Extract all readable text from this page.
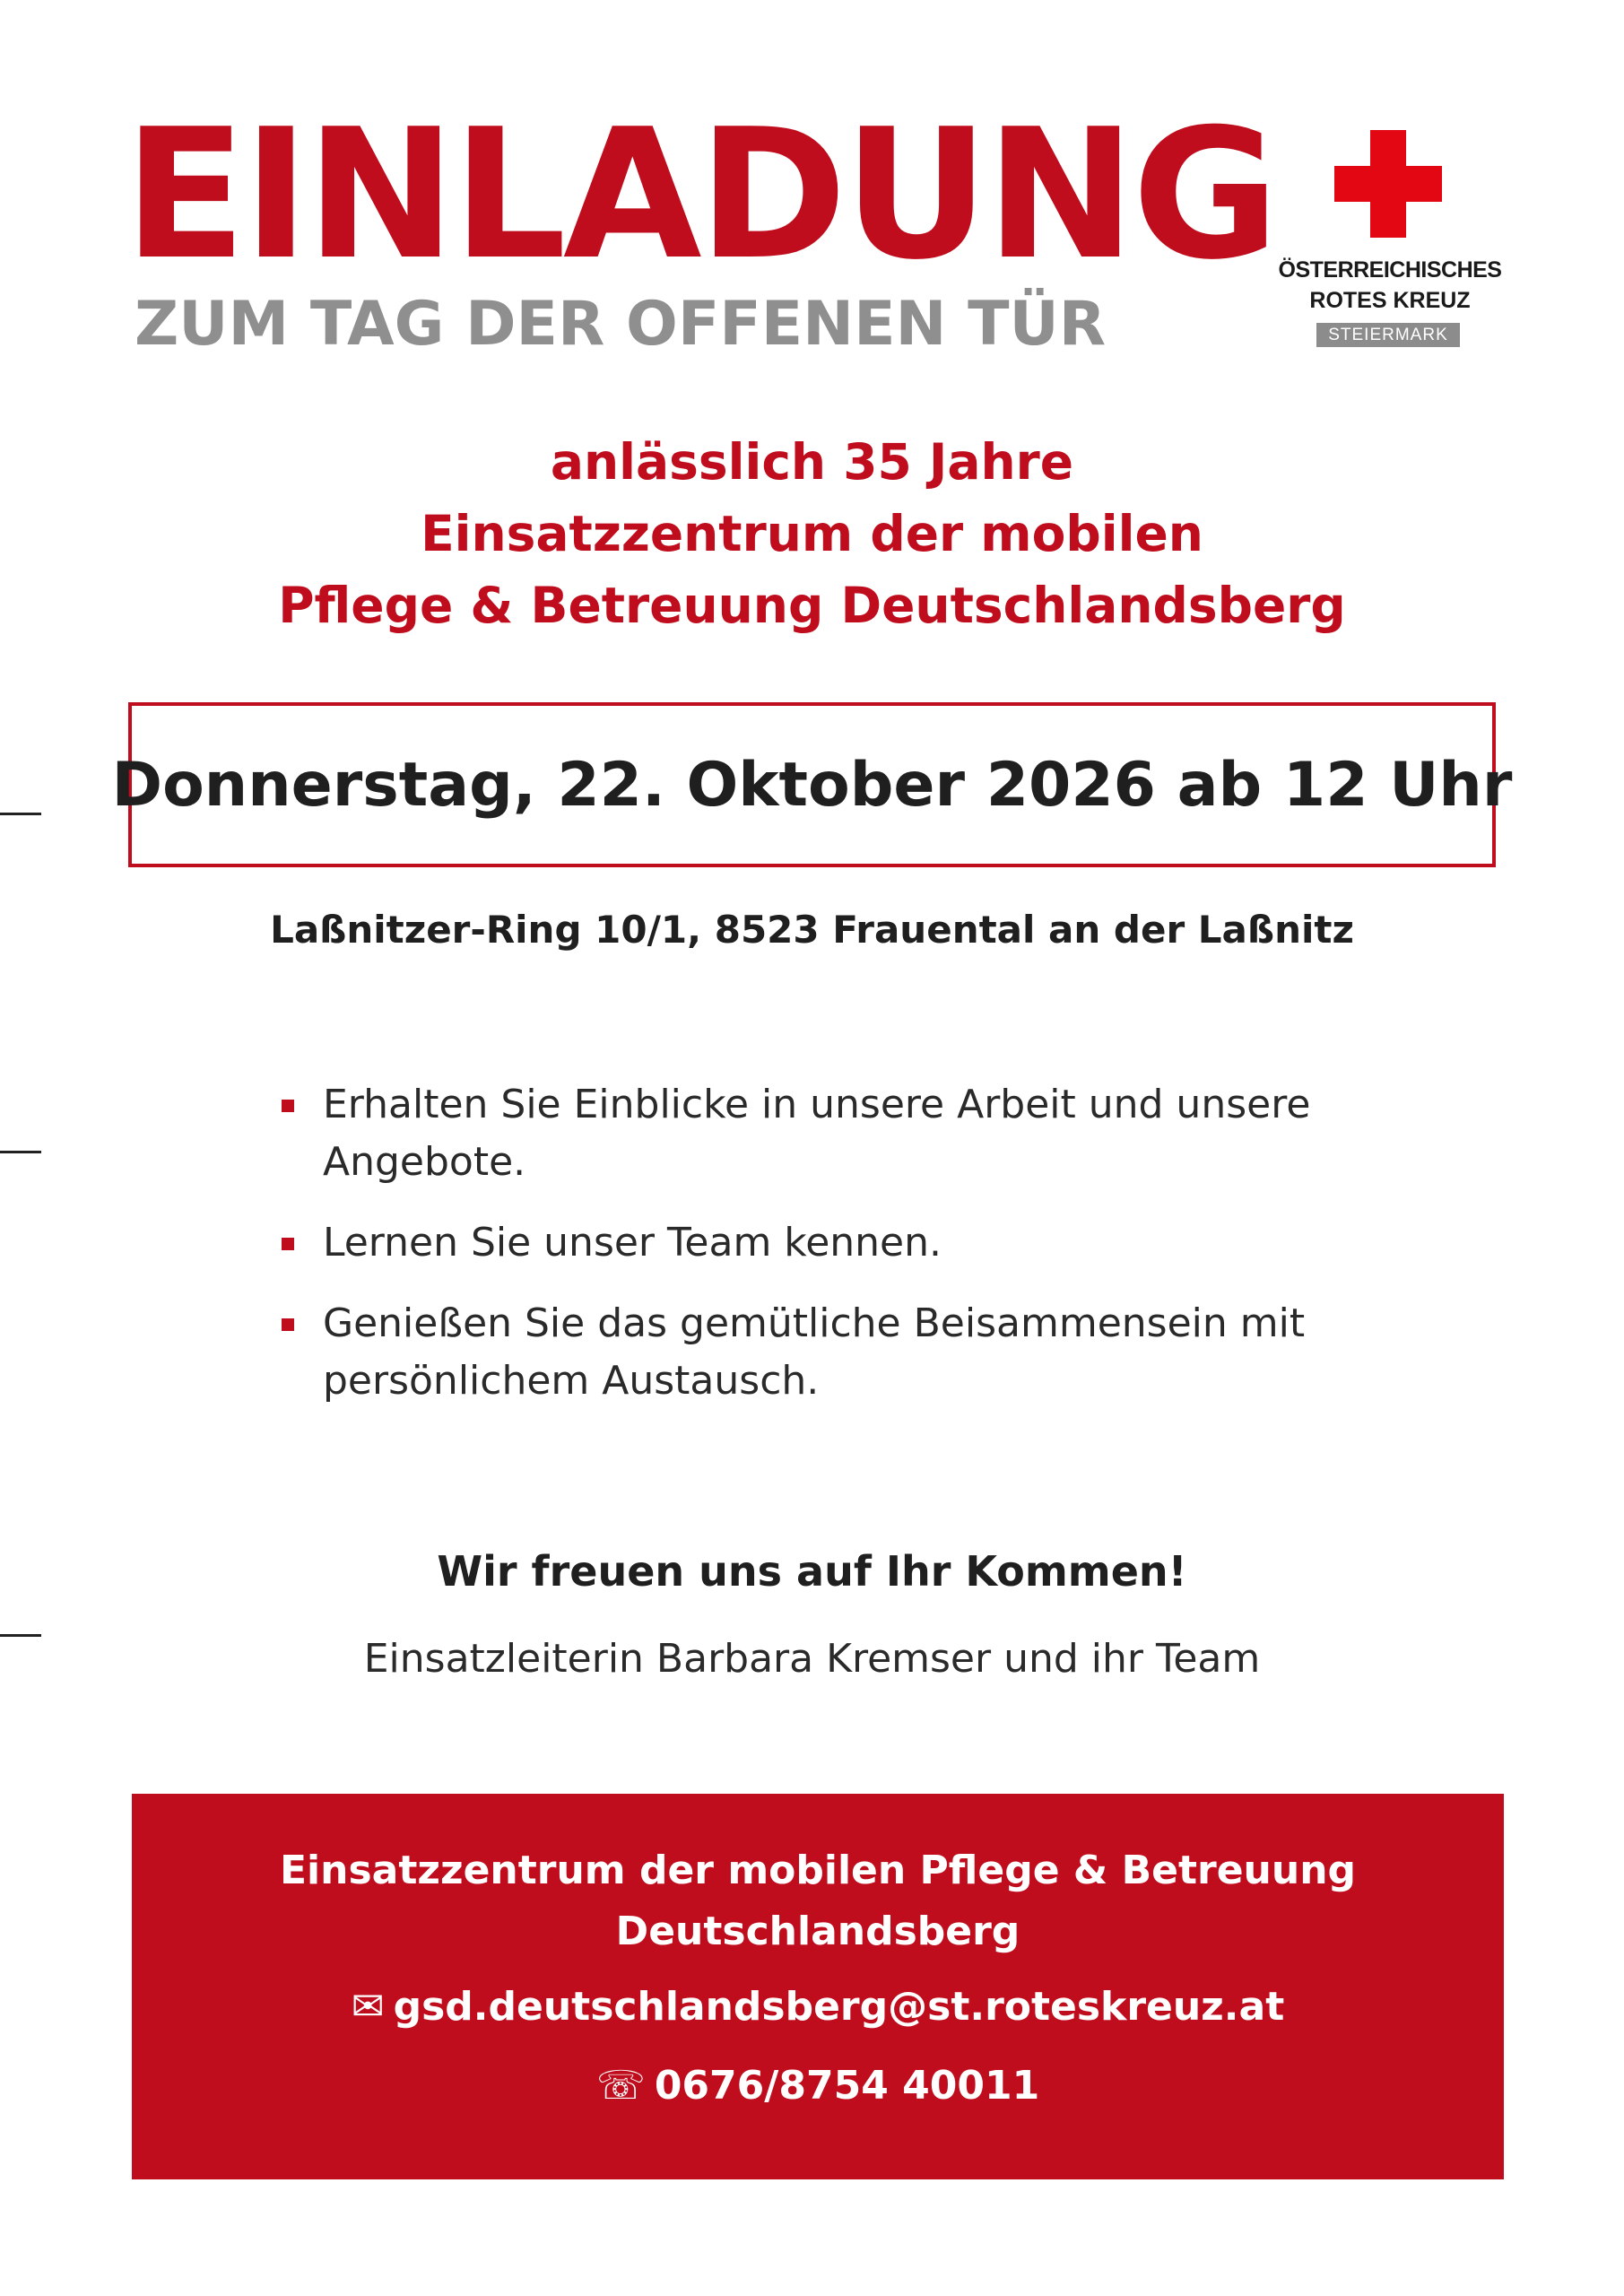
EINLADUNG
ZUM TAG DER OFFENEN TÜR
ÖSTERREICHISCHES
ROTES KREUZ
STEIERMARK
anlässlich 35 Jahre
Einsatzzentrum der mobilen
Pflege & Betreuung Deutschlandsberg
Donnerstag, 22. Oktober 2026 ab 12 Uhr
Laßnitzer-Ring 10/1, 8523 Frauental an der Laßnitz
Erhalten Sie Einblicke in unsere Arbeit und unsere Angebote.
Lernen Sie unser Team kennen.
Genießen Sie das gemütliche Beisammensein mit persönlichem Austausch.
Wir freuen uns auf Ihr Kommen!
Einsatzleiterin Barbara Kremser und ihr Team
Einsatzzentrum der mobilen Pflege & Betreuung
Deutschlandsberg
✉ gsd.deutschlandsberg@st.roteskreuz.at
☏ 0676/8754 40011
